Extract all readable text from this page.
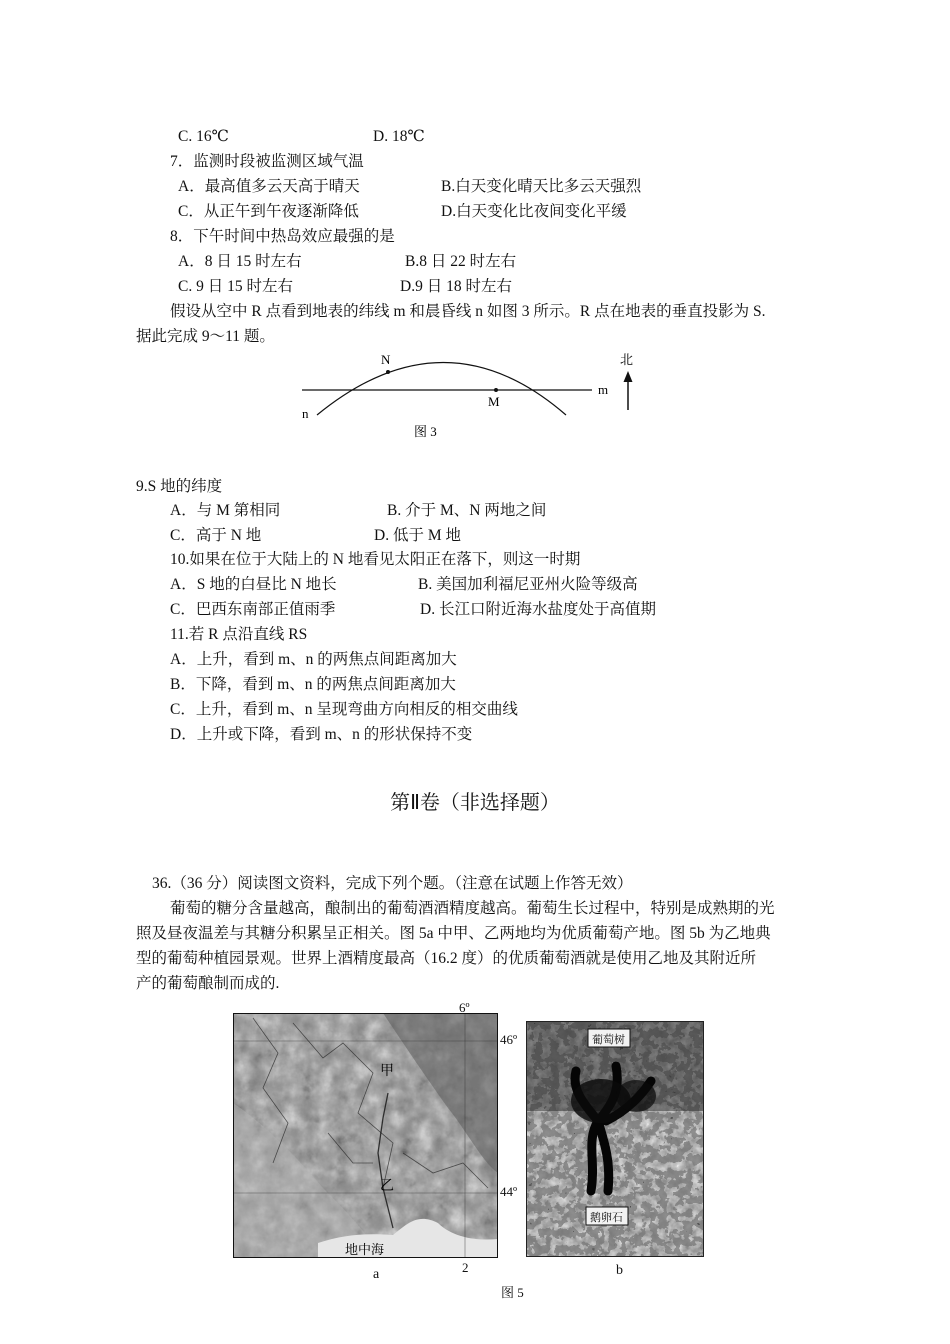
C. 16℃	D. 18℃
7．监测时段被监测区域气温
A．最高值多云天高于晴天	B.白天变化晴天比多云天强烈
C．从正午到午夜逐渐降低	D.白天变化比夜间变化平缓
8．下午时间中热岛效应最强的是
A．8 日 15 时左右	B.8 日 22 时左右
C. 9 日 15 时左右	D.9 日 18 时左右
假设从空中 R 点看到地表的纬线 m 和晨昏线 n 如图 3 所示。R 点在地表的垂直投影为 S.
据此完成 9～11 题。
N
M
m
n
北
图 3
9.S 地的纬度
A．与 M 第相同	B. 介于 M、N 两地之间
C．高于 N 地	D. 低于 M 地
10.如果在位于大陆上的 N 地看见太阳正在落下，则这一时期
A．S 地的白昼比 N 地长	B. 美国加利福尼亚州火险等级高
C．巴西东南部正值雨季	D. 长江口附近海水盐度处于高值期
11.若 R 点沿直线 RS
A．上升，看到 m、n 的两焦点间距离加大
B．下降，看到 m、n 的两焦点间距离加大
C．上升，看到 m、n 呈现弯曲方向相反的相交曲线
D．上升或下降，看到 m、n 的形状保持不变
第Ⅱ卷（非选择题）
36.（36 分）阅读图文资料，完成下列个题。（注意在试题上作答无效）
葡萄的糖分含量越高，酿制出的葡萄酒酒精度越高。葡萄生长过程中，特别是成熟期的光
照及昼夜温差与其糖分积累呈正相关。图 5a 中甲、乙两地均为优质葡萄产地。图 5b 为乙地典
型的葡萄种植园景观。世界上酒精度最高（16.2 度）的优质葡萄酒就是使用乙地及其附近所
产的葡萄酿制而成的.
甲
乙
地中海
6º
46º
44º
2
葡萄树
鹅卵石
a	b
图 5
